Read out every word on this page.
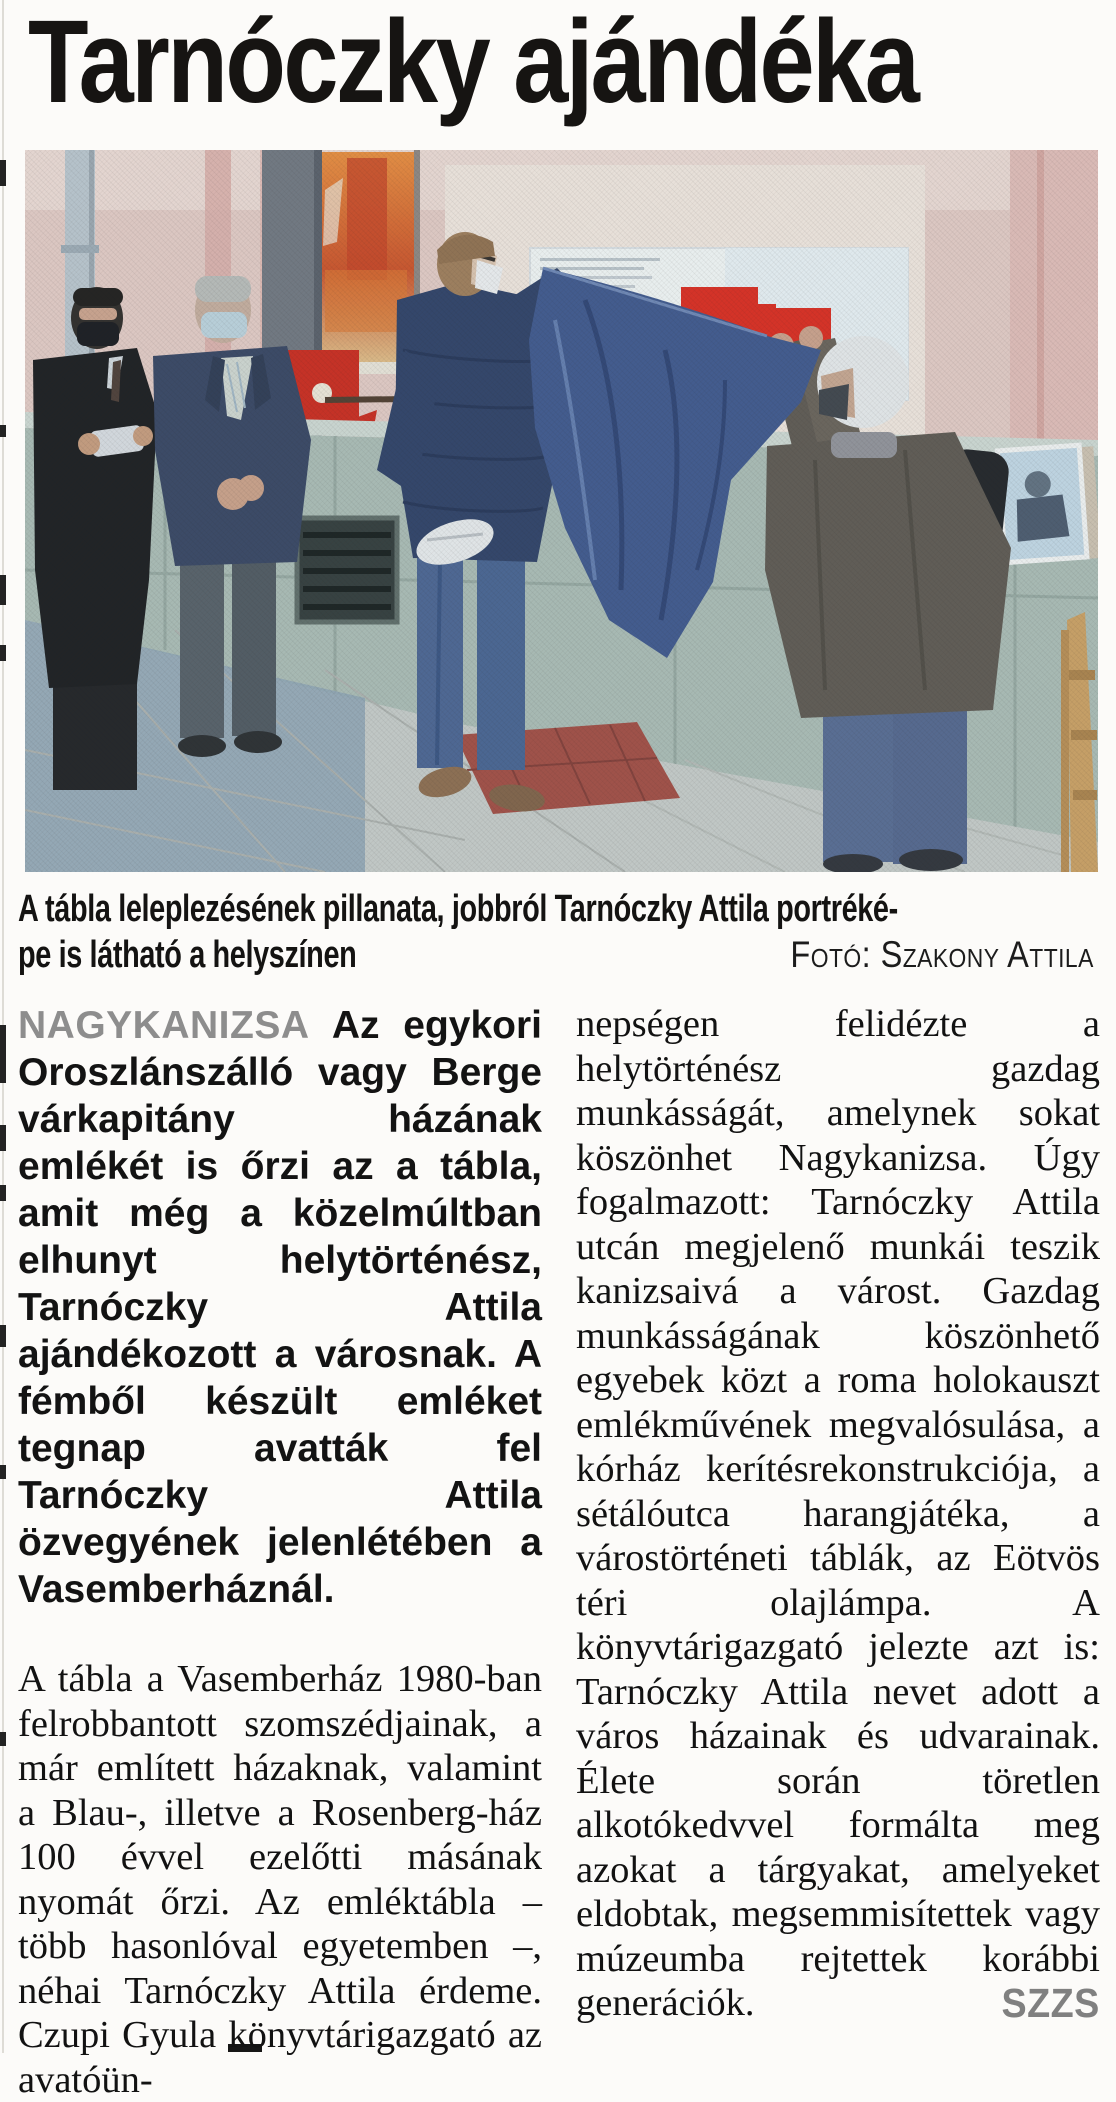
Tarnóczky ajándéka
A tábla leleplezésének pillanata, jobbról Tarnóczky Attila portréké-
pe is látható a helyszínen	Fotó: Szakony Attila

NAGYKANIZSA Az egykori Oroszlánszálló vagy Berge várkapitány házának emlékét is őrzi az a tábla, amit még a közelmúltban elhunyt helytörténész, Tarnóczky Attila ajándékozott a városnak. A fémből készült emléket tegnap avatták fel Tarnóczky Attila özvegyének jelenlétében a Vasemberháznál.

A tábla a Vasemberház 1980-ban felrobbantott szomszédjainak, a már említett házaknak, valamint a Blau-, illetve a Rosenberg-ház 100 évvel ezelőtti másának nyomát őrzi. Az emléktábla – több hasonlóval egyetemben –, néhai Tarnóczky Attila érdeme. Czupi Gyula könyvtárigazgató az avatóün-

nepségen felidézte a helytörténész gazdag munkásságát, amelynek sokat köszönhet Nagykanizsa. Úgy fogalmazott: Tarnóczky Attila utcán megjelenő munkái teszik kanizsaivá a várost. Gazdag munkásságának köszönhető egyebek közt a roma holokauszt emlékművének megvalósulása, a kórház kerítésrekonstrukciója, a sétálóutca harangjátéka, a várostörténeti táblák, az Eötvös téri olajlámpa. A könyvtárigazgató jelezte azt is: Tarnóczky Attila nevet adott a város házainak és udvarainak. Élete során töretlen alkotókedvvel formálta meg azokat a tárgyakat, amelyeket eldobtak, megsemmisítettek vagy múzeumba rejtettek korábbi generációk.	SZZS
